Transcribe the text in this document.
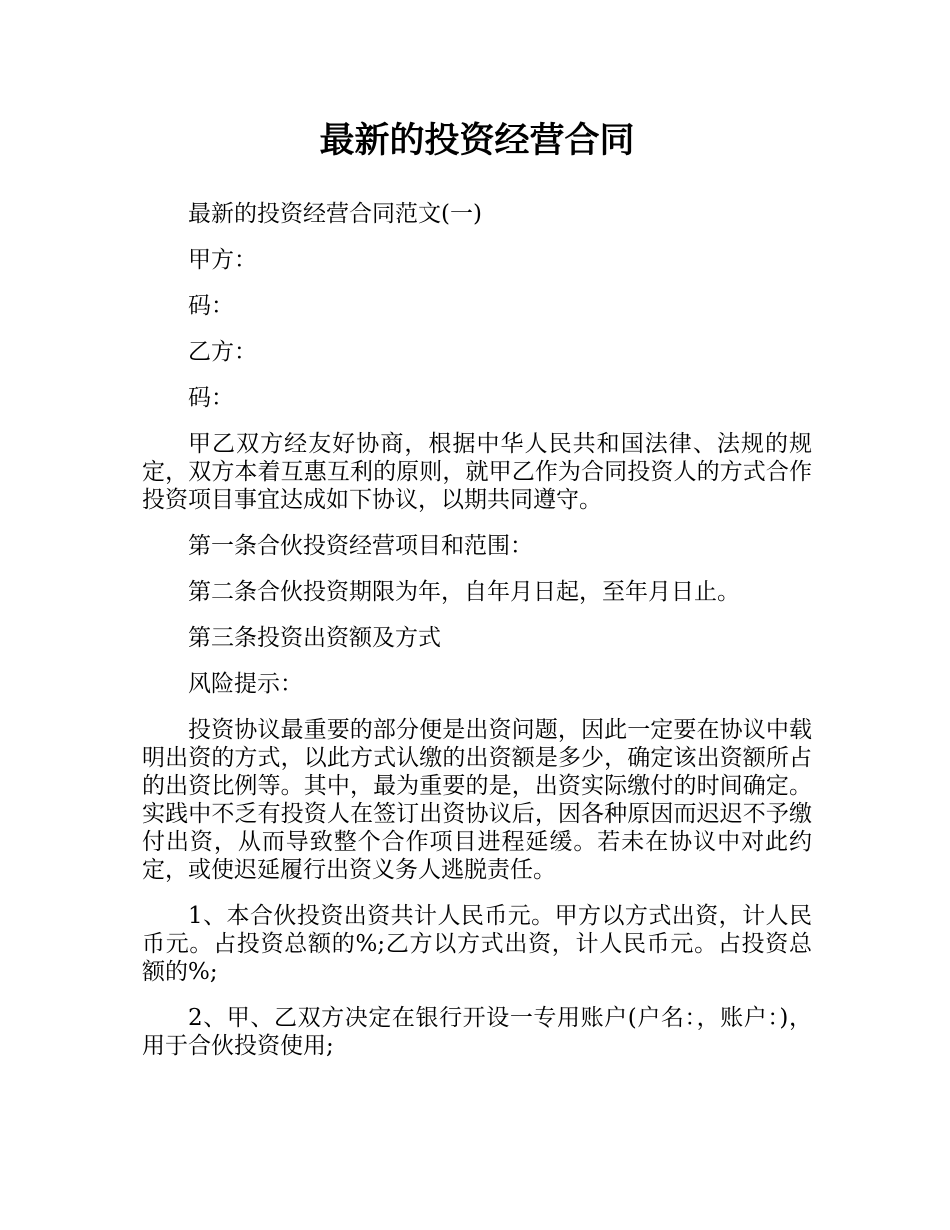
最新的投资经营合同

最新的投资经营合同范文(一)

甲方：

码：

乙方：

码：

甲乙双方经友好协商，根据中华人民共和国法律、法规的规定，双方本着互惠互利的原则，就甲乙作为合同投资人的方式合作投资项目事宜达成如下协议，以期共同遵守。

第一条合伙投资经营项目和范围：

第二条合伙投资期限为年，自年月日起，至年月日止。

第三条投资出资额及方式

风险提示：

投资协议最重要的部分便是出资问题，因此一定要在协议中载明出资的方式，以此方式认缴的出资额是多少，确定该出资额所占的出资比例等。其中，最为重要的是，出资实际缴付的时间确定。实践中不乏有投资人在签订出资协议后，因各种原因而迟迟不予缴付出资，从而导致整个合作项目进程延缓。若未在协议中对此约定，或使迟延履行出资义务人逃脱责任。

1、本合伙投资出资共计人民币元。甲方以方式出资，计人民币元。占投资总额的%;乙方以方式出资，计人民币元。占投资总额的%;

2、甲、乙双方决定在银行开设一专用账户(户名：，账户：)，用于合伙投资使用;
